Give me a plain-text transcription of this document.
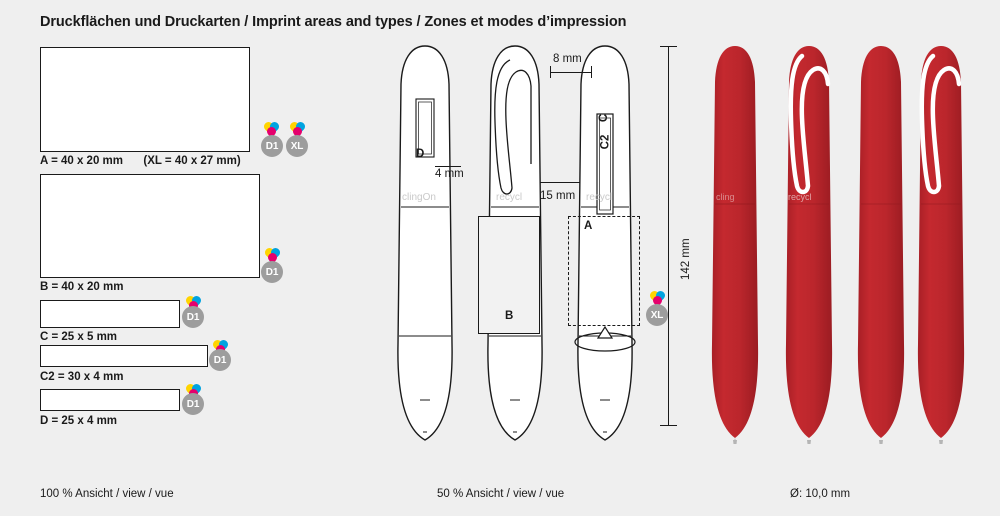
Druckflächen und Druckarten / Imprint areas and types / Zones et modes d’impression
A = 40 x 20 mm (XL = 40 x 27 mm)
D1	XL
B = 40 x 20 mm
D1
C = 25 x 5 mm
D1
C2 = 30 x 4 mm
D1
D = 25 x 4 mm
D1
D
4 mm
clingOn	recycl
B
15 mm
C
C2
recycl
8 mm
A
XL
142 mm
cling	recycl
100 % Ansicht / view / vue	50 % Ansicht / view / vue	Ø: 10,0 mm
